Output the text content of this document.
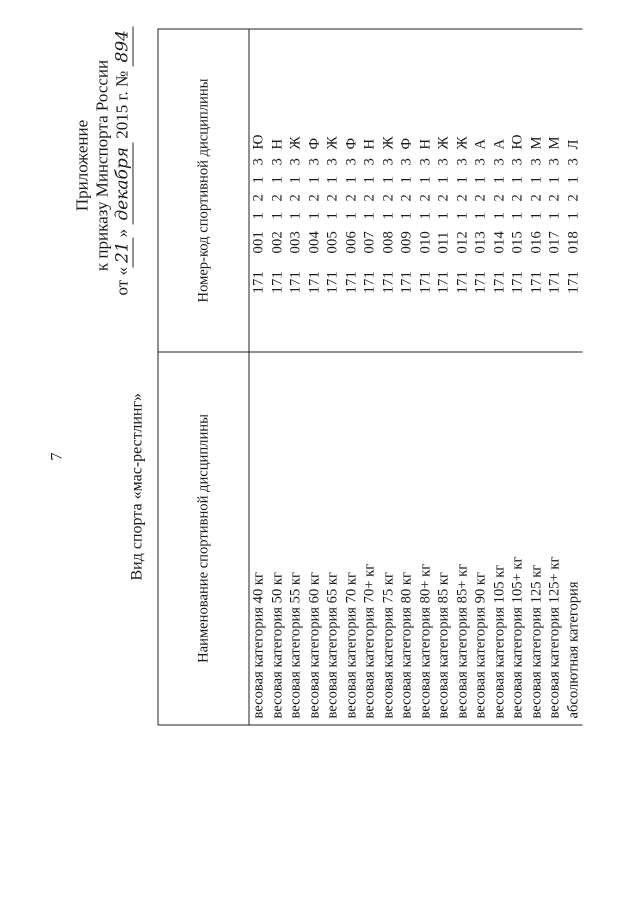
7
Приложение к приказу Минспорта России
от «21» декабря 2015 г. № 894
Вид спорта «мас-рестлинг»	Наименование спортивной дисциплины	Номер-код спортивной дисциплины
весовая категория 40 кг	1710011213Ю
весовая категория 50 кг	1710021213Н
весовая категория 55 кг	1710031213Ж
весовая категория 60 кг	1710041213Ф
весовая категория 65 кг	1710051213Ж
весовая категория 70 кг	1710061213Ф
весовая категория 70+ кг	1710071213Н
весовая категория 75 кг	1710081213Ж
весовая категория 80 кг	1710091213Ф
весовая категория 80+ кг	1710101213Н
весовая категория 85 кг	1710111213Ж
весовая категория 85+ кг	1710121213Ж
весовая категория 90 кг	1710131213А
весовая категория 105 кг	1710141213А
весовая категория 105+ кг	1710151213Ю
весовая категория 125 кг	1710161213М
весовая категория 125+ кг	1710171213М
абсолютная категория	1710181213Л
